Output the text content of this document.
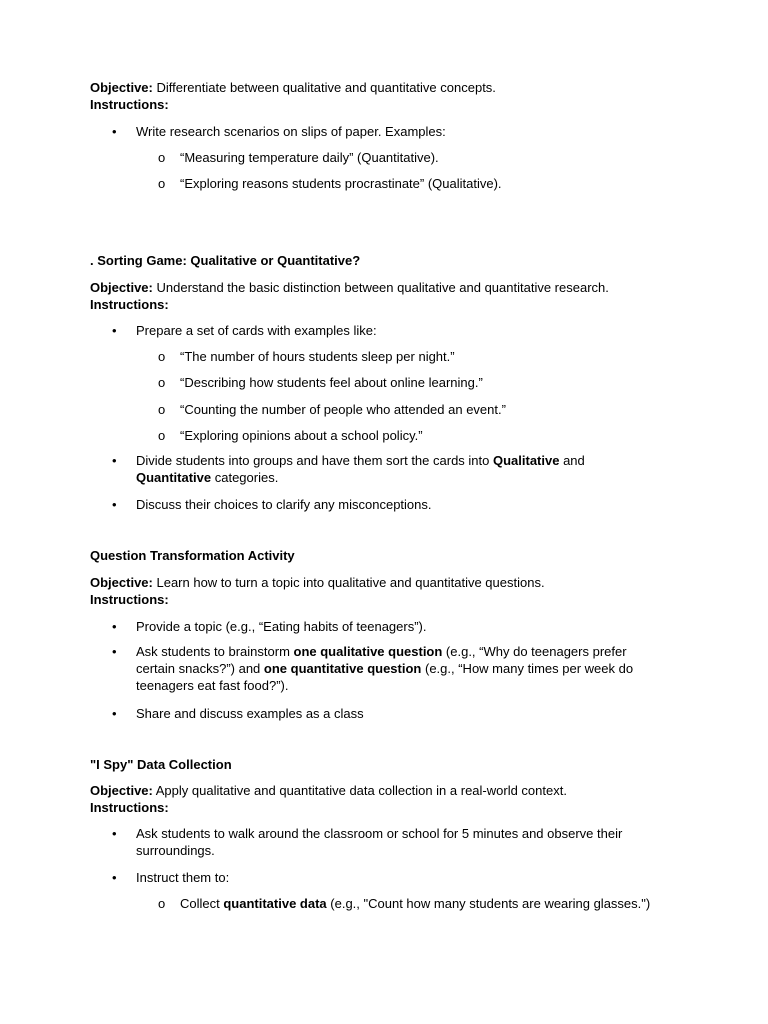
Objective: Differentiate between qualitative and quantitative concepts.
Instructions:
•	Write research scenarios on slips of paper. Examples:
o “Measuring temperature daily” (Quantitative).
o “Exploring reasons students procrastinate” (Qualitative).
. Sorting Game: Qualitative or Quantitative?
Objective: Understand the basic distinction between qualitative and quantitative research.
Instructions:
•	Prepare a set of cards with examples like:
o “The number of hours students sleep per night.”
o “Describing how students feel about online learning.”
o “Counting the number of people who attended an event.”
o “Exploring opinions about a school policy.”
•	Divide students into groups and have them sort the cards into Qualitative and
Quantitative categories.
•	Discuss their choices to clarify any misconceptions.
Question Transformation Activity
Objective: Learn how to turn a topic into qualitative and quantitative questions.
Instructions:
•	Provide a topic (e.g., “Eating habits of teenagers”).
•	Ask students to brainstorm one qualitative question (e.g., “Why do teenagers prefer
certain snacks?”) and one quantitative question (e.g., “How many times per week do
teenagers eat fast food?”).
•	Share and discuss examples as a class
"I Spy" Data Collection
Objective: Apply qualitative and quantitative data collection in a real-world context.
Instructions:
•	Ask students to walk around the classroom or school for 5 minutes and observe their
surroundings.
•	Instruct them to:
o Collect quantitative data (e.g., "Count how many students are wearing glasses.")
